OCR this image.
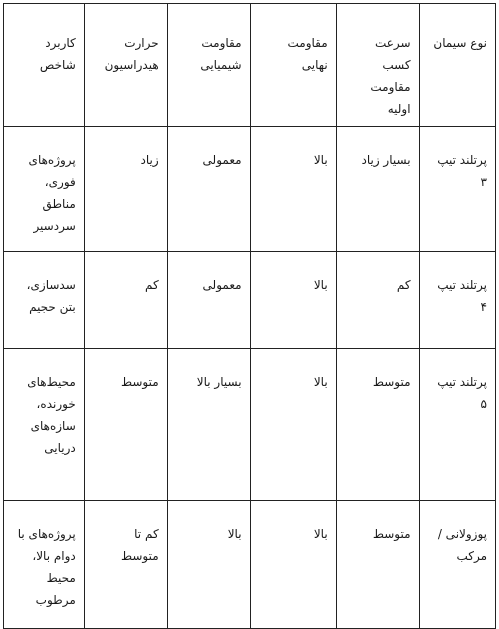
نوع سیمان	سرعت کسب مقاومت اولیه	مقاومت نهایی	مقاومت شیمیایی	حرارت هیدراسیون	کاربرد شاخص
پرتلند تیپ ۳	بسیار زیاد	بالا	معمولی	زیاد	پروژه‌های فوری، مناطق سردسیر
پرتلند تیپ ۴	کم	بالا	معمولی	کم	سدسازی، بتن حجیم
پرتلند تیپ ۵	متوسط	بالا	بسیار بالا	متوسط	محیط‌های خورنده، سازه‌های دریایی
پوزولانی / مرکب	متوسط	بالا	بالا	کم تا متوسط	پروژه‌های با دوام بالا، محیط مرطوب
